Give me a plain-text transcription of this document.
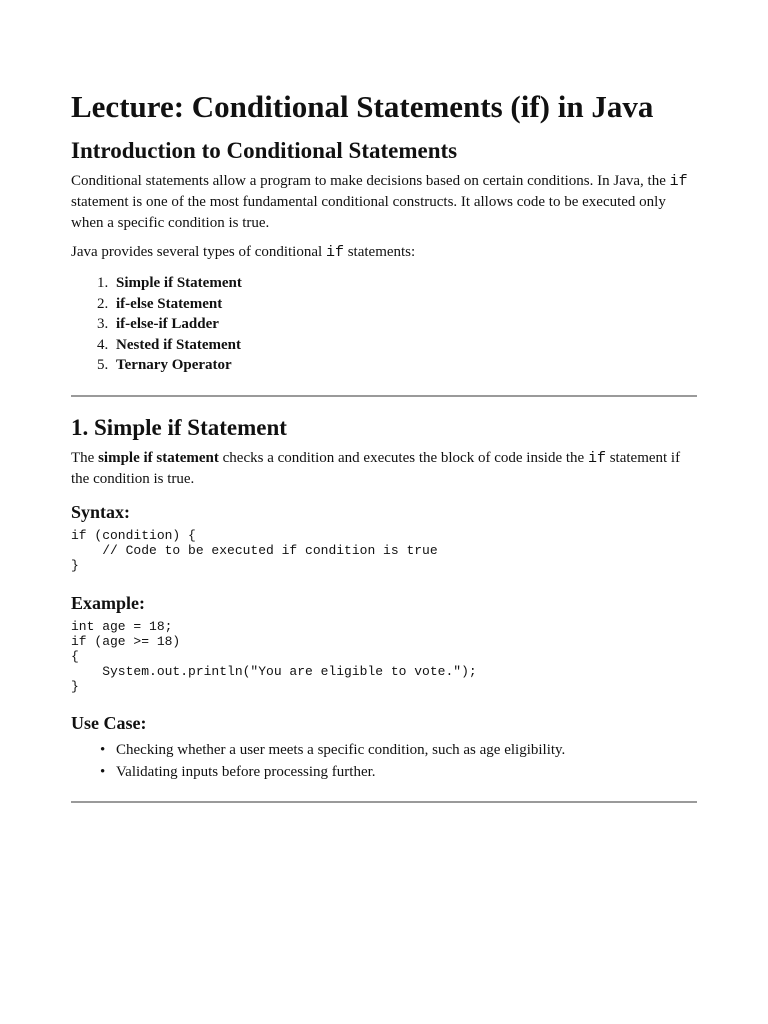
Lecture: Conditional Statements (if) in Java
Introduction to Conditional Statements

Conditional statements allow a program to make decisions based on certain conditions. In Java, the if statement is one of the most fundamental conditional constructs. It allows code to be executed only when a specific condition is true.

Java provides several types of conditional if statements:

1. Simple if Statement
2. if-else Statement
3. if-else-if Ladder
4. Nested if Statement
5. Ternary Operator
1. Simple if Statement

The simple if statement checks a condition and executes the block of code inside the if statement if the condition is true.

Syntax:
if (condition) {
// Code to be executed if condition is true
}
Example:
int age = 18;
if (age >= 18)
{
System.out.println("You are eligible to vote.");
}
Use Case:
• Checking whether a user meets a specific condition, such as age eligibility.
• Validating inputs before processing further.
